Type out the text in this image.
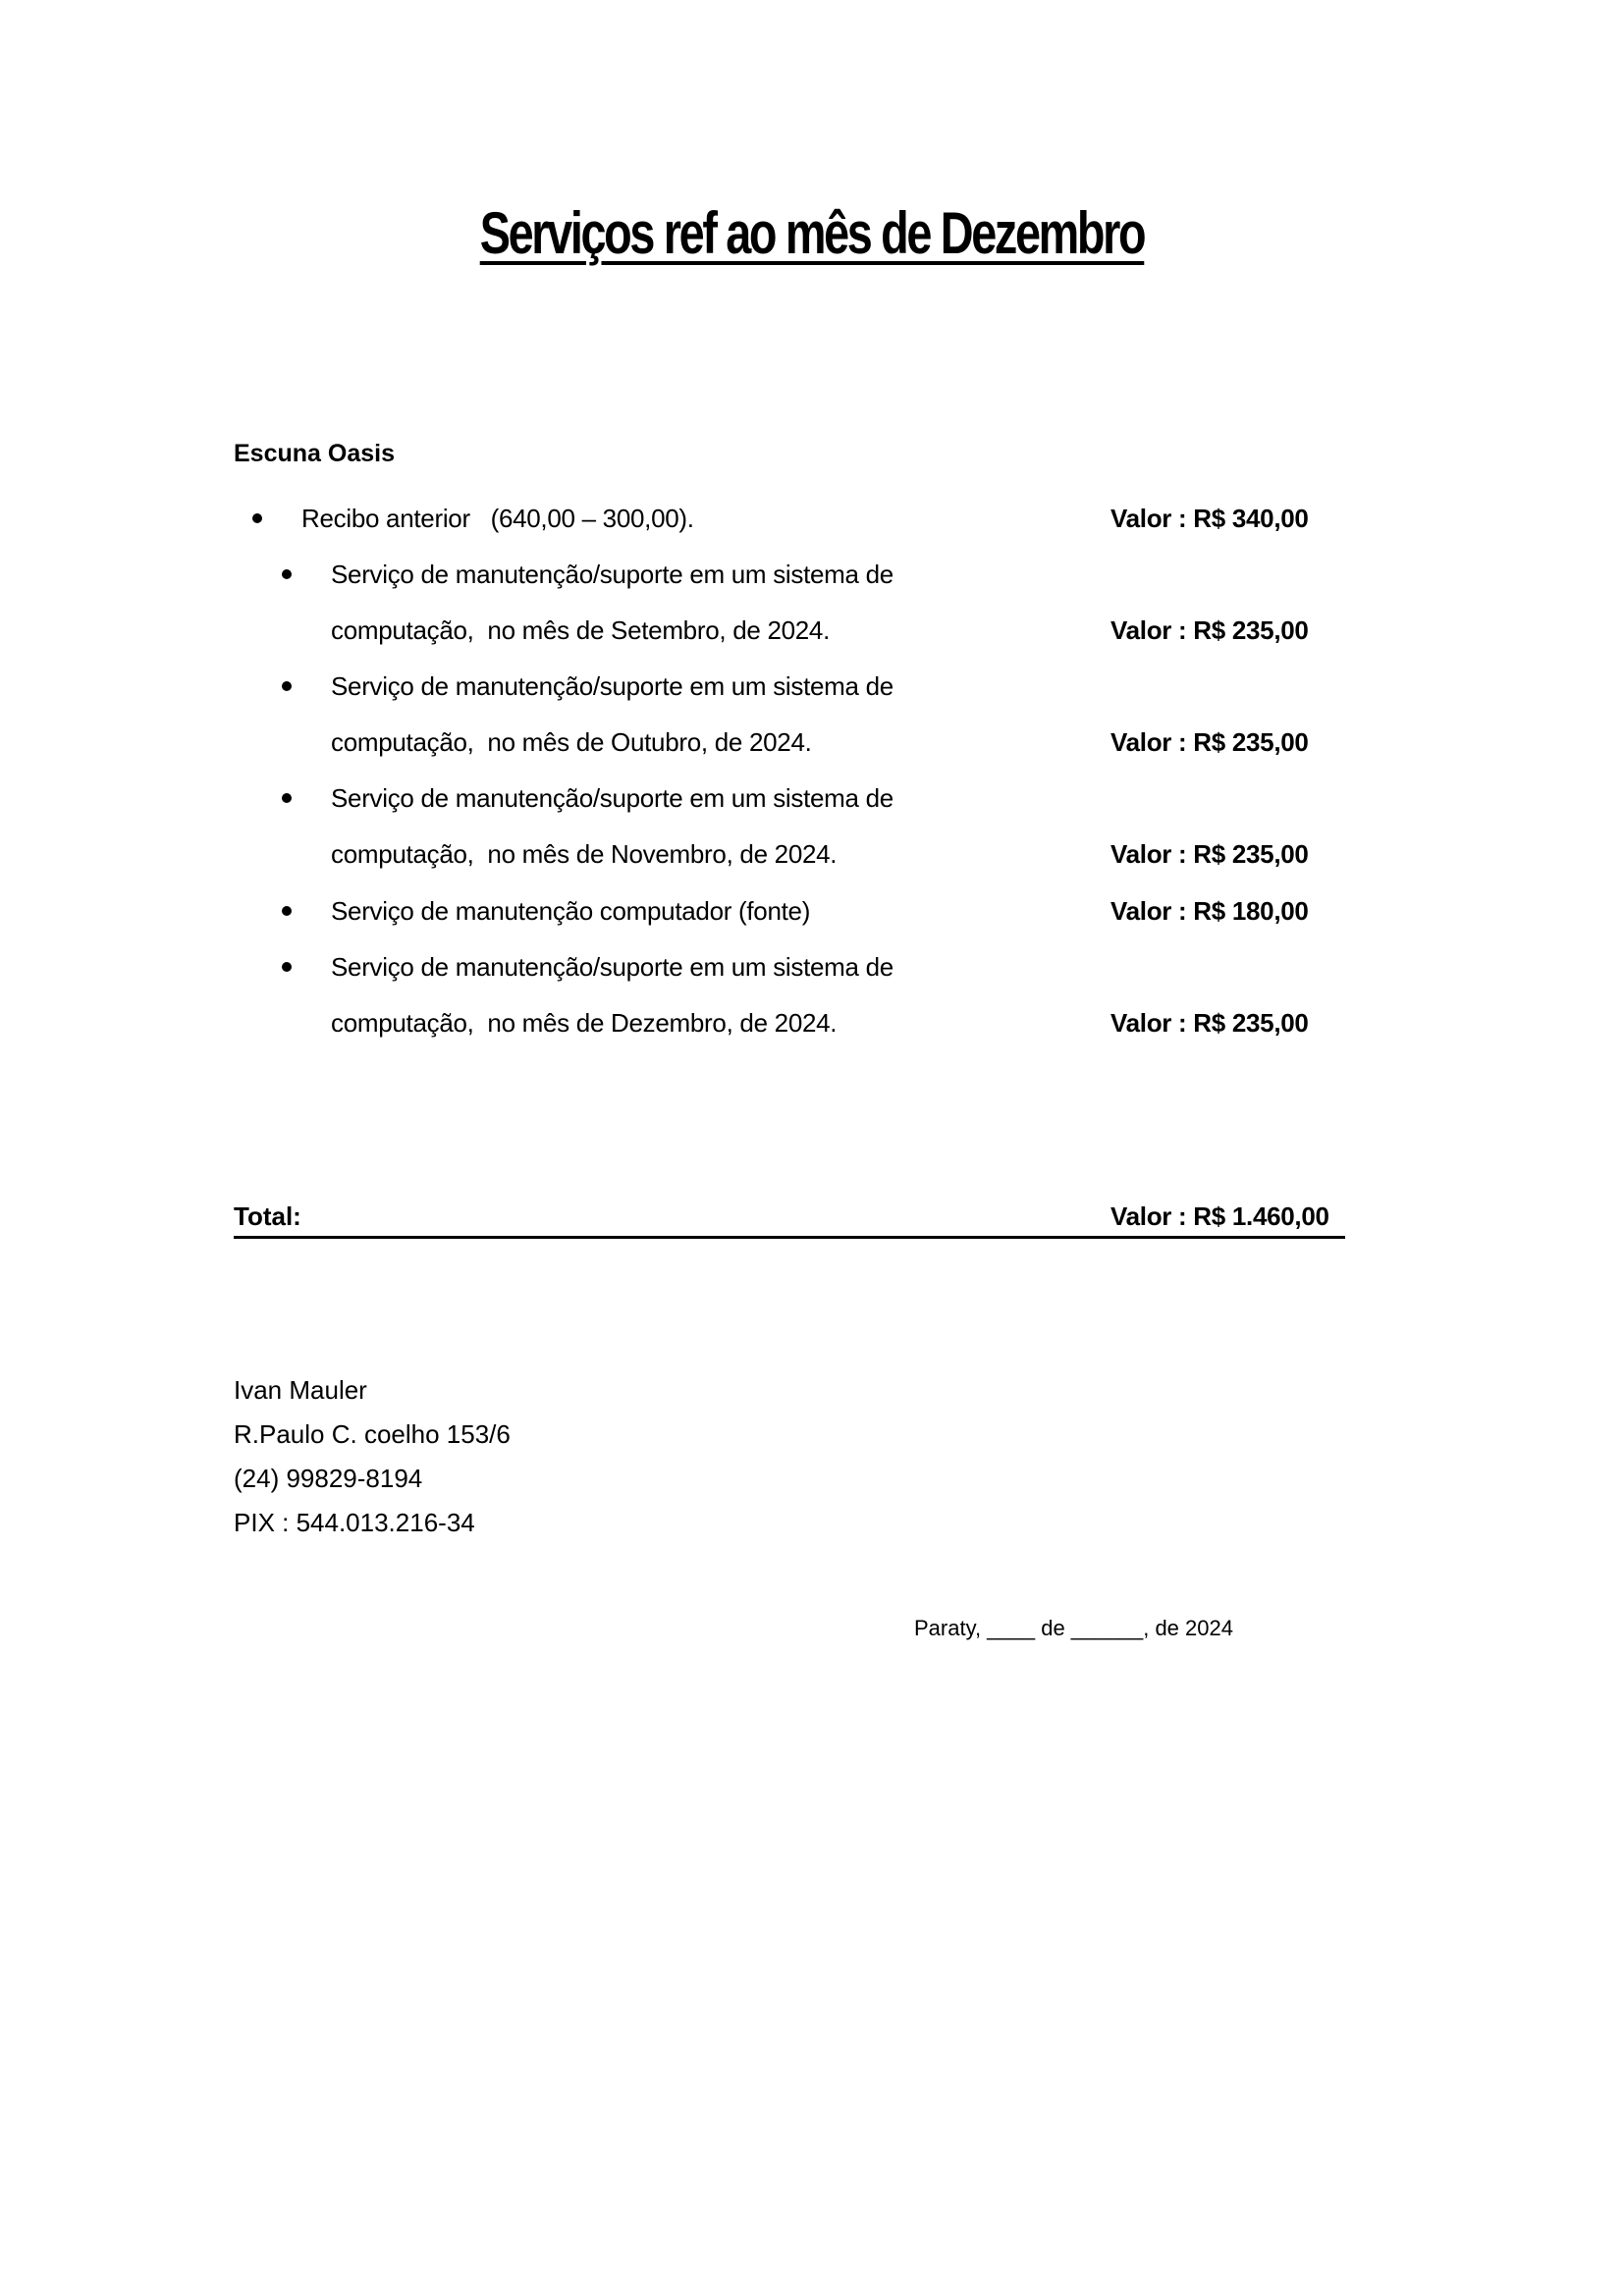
Serviços ref ao mês de Dezembro
Escuna Oasis
Recibo anterior   (640,00 – 300,00).	Valor : R$ 340,00
Serviço de manutenção/suporte em um sistema de
computação,  no mês de Setembro, de 2024.	Valor : R$ 235,00
Serviço de manutenção/suporte em um sistema de
computação,  no mês de Outubro, de 2024.	Valor : R$ 235,00
Serviço de manutenção/suporte em um sistema de
computação,  no mês de Novembro, de 2024.	Valor : R$ 235,00
Serviço de manutenção computador (fonte)	Valor : R$ 180,00
Serviço de manutenção/suporte em um sistema de
computação,  no mês de Dezembro, de 2024.	Valor : R$ 235,00
Total:	Valor : R$ 1.460,00
Ivan Mauler
R.Paulo C. coelho 153/6
(24) 99829-8194
PIX : 544.013.216-34
Paraty, ____ de ______, de 2024
